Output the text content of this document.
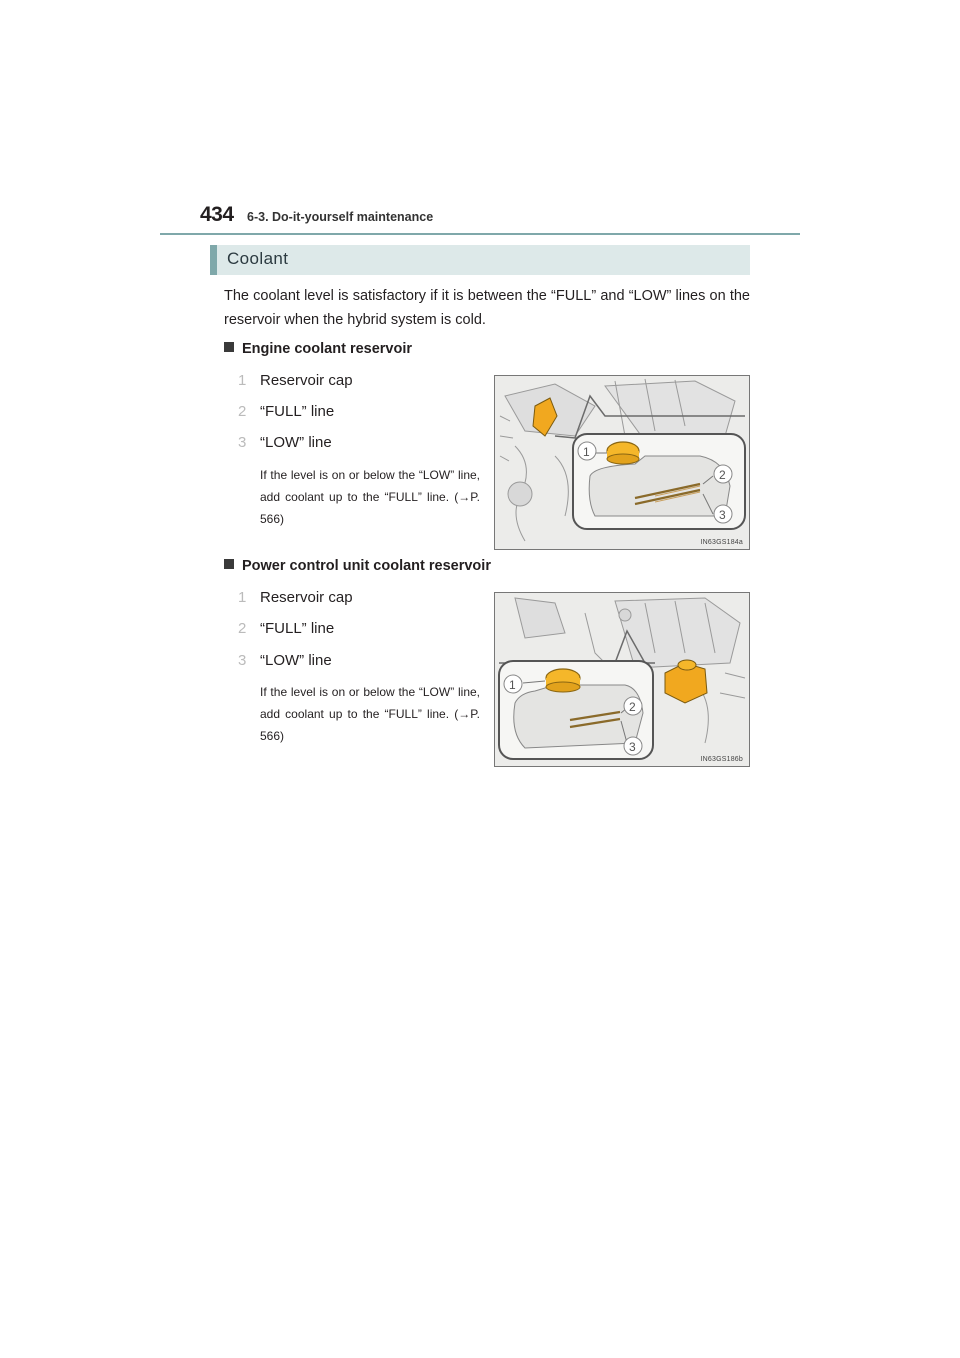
434 6-3. Do-it-yourself maintenance
Coolant
The coolant level is satisfactory if it is between the “FULL” and “LOW” lines on the reservoir when the hybrid system is cold.
Engine coolant reservoir
1 Reservoir cap
2 “FULL” line
3 “LOW” line
If the level is on or below the “LOW” line, add coolant up to the “FULL” line. (→P. 566)
1
2
3
IN63GS184a
Power control unit coolant reservoir
1 Reservoir cap
2 “FULL” line
3 “LOW” line
If the level is on or below the “LOW” line, add coolant up to the “FULL” line. (→P. 566)
1
2
3
IN63GS186b
